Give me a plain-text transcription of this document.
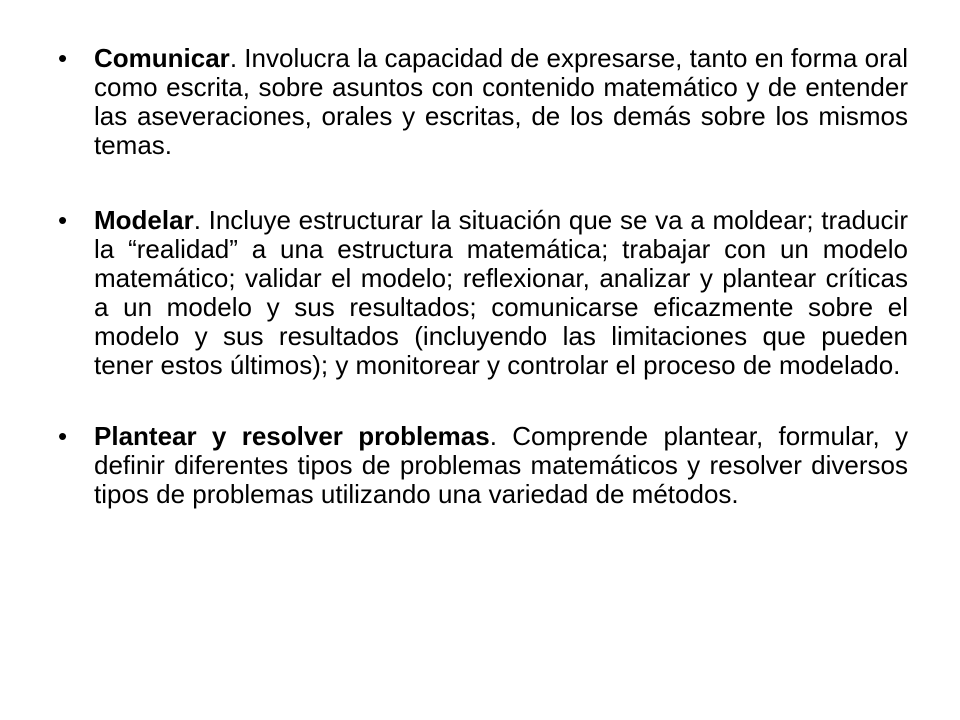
• Comunicar. Involucra la capacidad de expresarse, tanto en forma oral como escrita, sobre asuntos con contenido matemático y de entender las aseveraciones, orales y escritas, de los demás sobre los mismos temas.
• Modelar. Incluye estructurar la situación que se va a moldear; traducir la “realidad” a una estructura matemática; trabajar con un modelo matemático; validar el modelo; reflexionar, analizar y plantear críticas a un modelo y sus resultados; comunicarse eficazmente sobre el modelo y sus resultados (incluyendo las limitaciones que pueden tener estos últimos); y monitorear y controlar el proceso de modelado.
• Plantear y resolver problemas. Comprende plantear, formular, y definir diferentes tipos de problemas matemáticos y resolver diversos tipos de problemas utilizando una variedad de métodos.
